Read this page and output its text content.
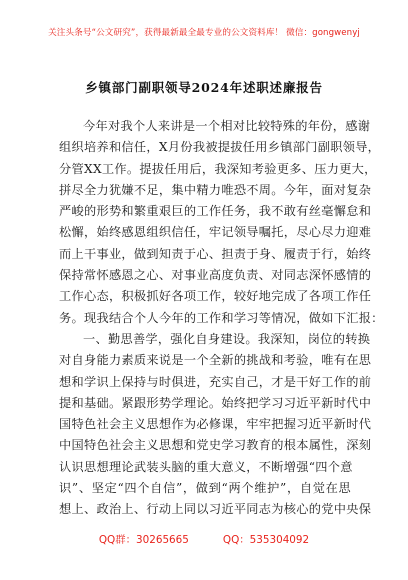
关注头条号“公文研究”，获得最新最全最专业的公文资料库！ 微信：gongwenyj
乡镇部门副职领导2024年述职述廉报告
今年对我个人来讲是一个相对比较特殊的年份，感谢
组织培养和信任，X月份我被提拔任用乡镇部门副职领导，
分管XX工作。提拔任用后，我深知考验更多、压力更大，
拼尽全力犹嫌不足，集中精力唯恐不周。今年，面对复杂
严峻的形势和繁重艰巨的工作任务，我不敢有丝毫懈怠和
松懈，始终感恩组织信任，牢记领导嘱托，尽心尽力迎难
而上干事业，做到知责于心、担责于身、履责于行，始终
保持常怀感恩之心、对事业高度负责、对同志深怀感情的
工作心态，积极抓好各项工作，较好地完成了各项工作任
务。现我结合个人今年的工作和学习等情况，做如下汇报：
一、勤思善学，强化自身建设。我深知，岗位的转换
对自身能力素质来说是一个全新的挑战和考验，唯有在思
想和学识上保持与时俱进，充实自己，才是干好工作的前
提和基础。紧跟形势学理论。始终把学习习近平新时代中
国特色社会主义思想作为必修课，牢牢把握习近平新时代
中国特色社会主义思想和党史学习教育的根本属性，深刻
认识思想理论武装头脑的重大意义，不断增强“四个意
识”、坚定“四个自信”，做到“两个维护”，自觉在思
想上、政治上、行动上同以习近平同志为核心的党中央保
QQ群：30265665	QQ：535304092
